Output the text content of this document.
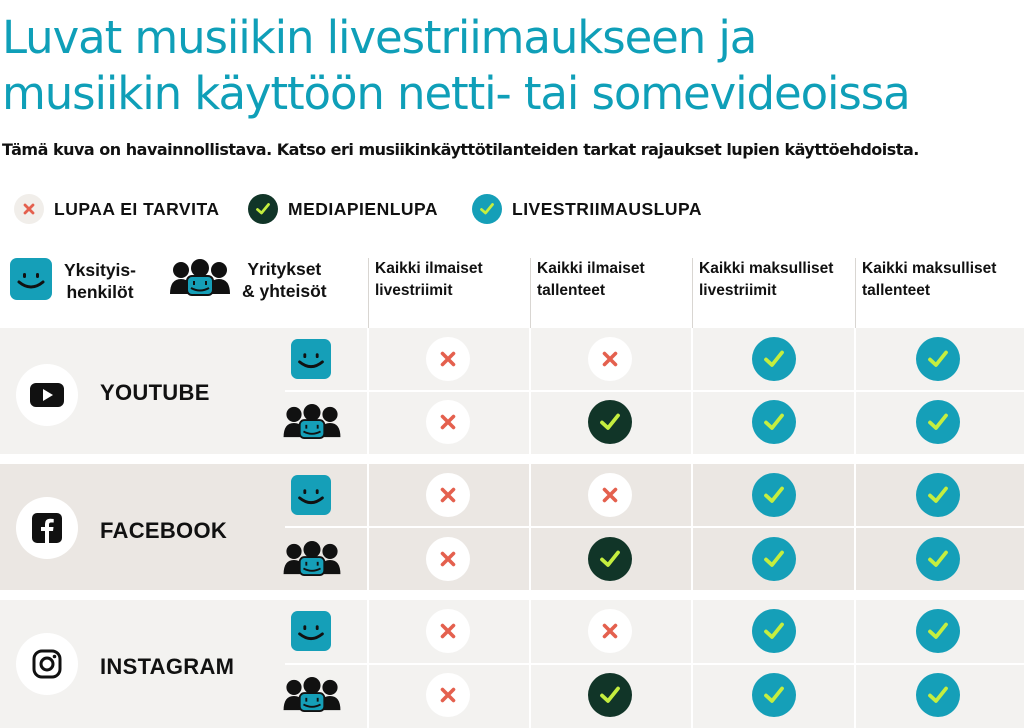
Luvat musiikin livestriimaukseen ja
musiikin käyttöön netti- tai somevideoissa
Tämä kuva on havainnollistava. Katso eri musiikinkäyttötilanteiden tarkat rajaukset lupien käyttöehdoista.
LUPAA EI TARVITA	MEDIAPIENLUPA	LIVESTRIIMAUSLUPA
Yksityis-
henkilöt
Yritykset
& yhteisöt
Kaikki ilmaiset
livestriimit
Kaikki ilmaiset
tallenteet
Kaikki maksulliset
livestriimit
Kaikki maksulliset
tallenteet
YOUTUBE
FACEBOOK
INSTAGRAM
